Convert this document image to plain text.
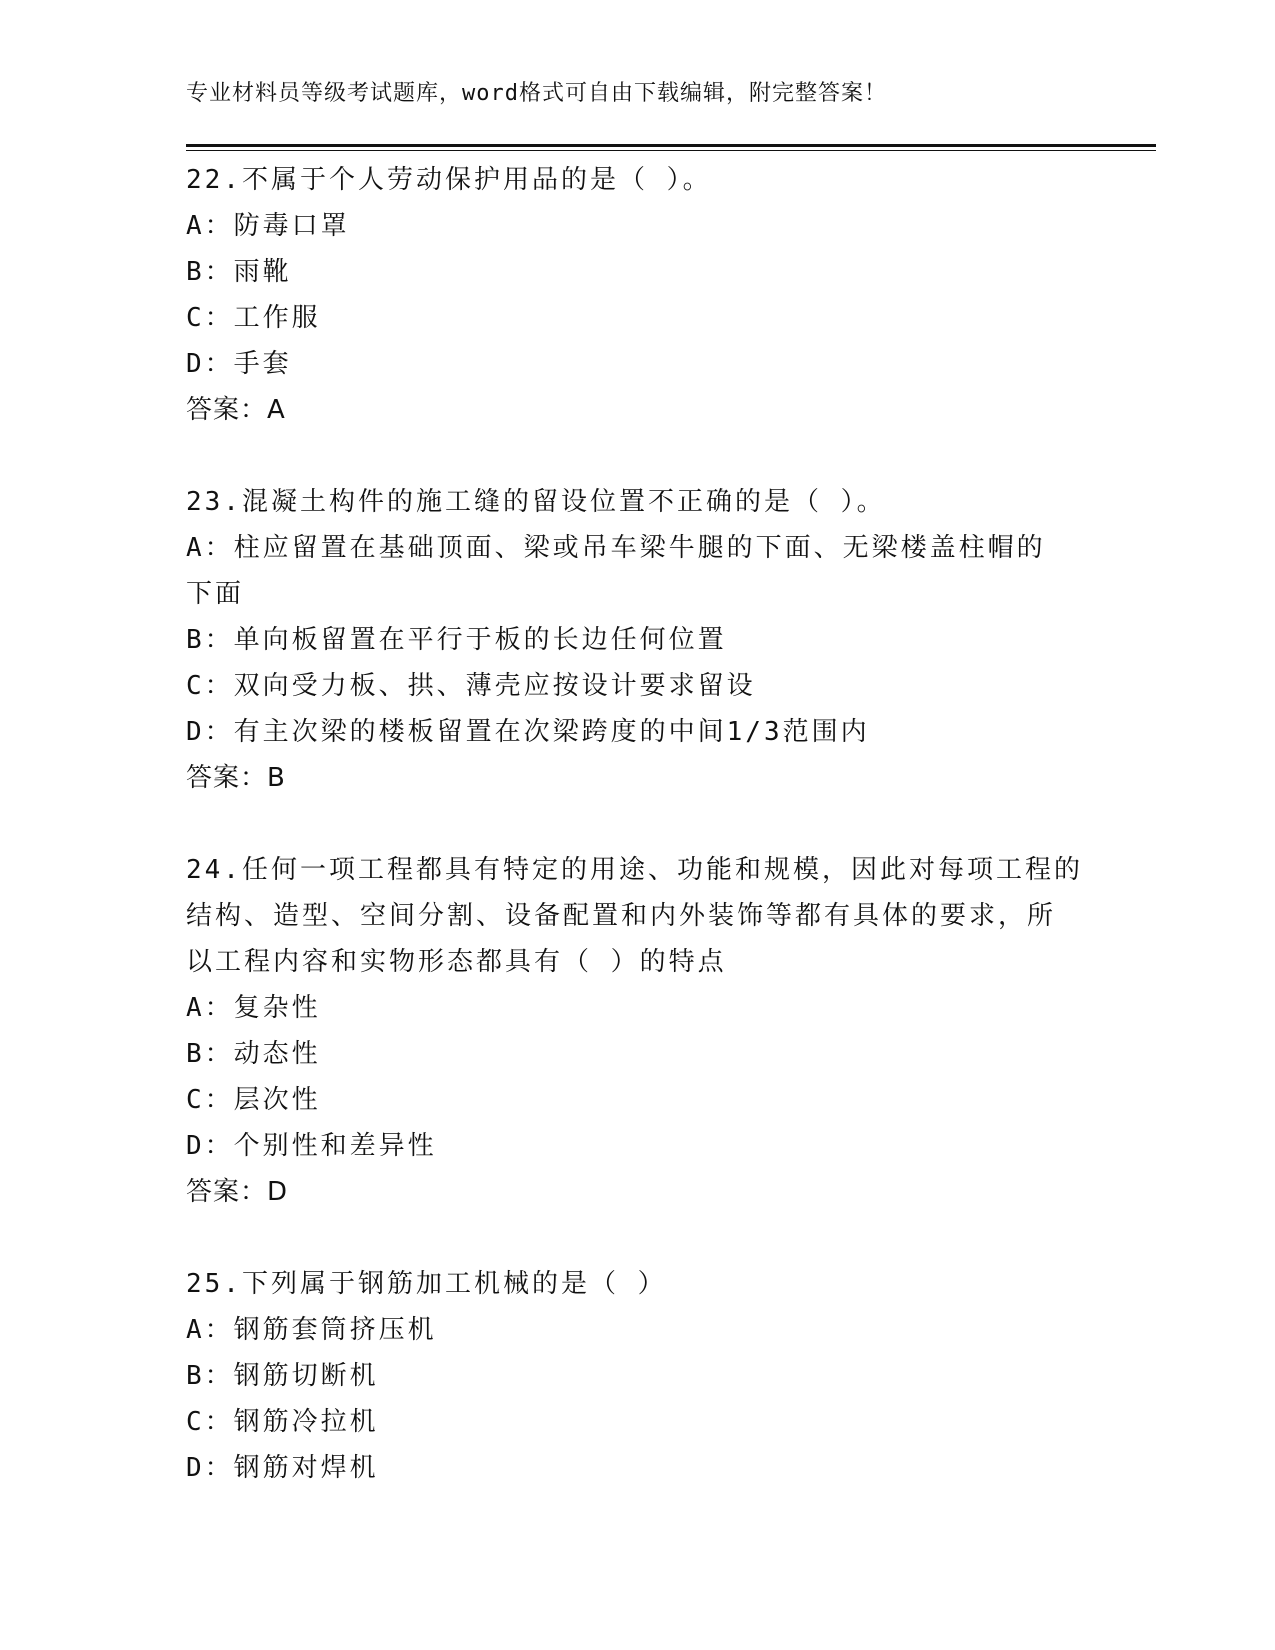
专业材料员等级考试题库，word格式可自由下载编辑，附完整答案！
22.不属于个人劳动保护用品的是（ ）。
A：防毒口罩
B：雨靴
C：工作服
D：手套
答案：A
23.混凝土构件的施工缝的留设位置不正确的是（ ）。
A：柱应留置在基础顶面、梁或吊车梁牛腿的下面、无梁楼盖柱帽的下面
B：单向板留置在平行于板的长边任何位置
C：双向受力板、拱、薄壳应按设计要求留设
D：有主次梁的楼板留置在次梁跨度的中间1/3范围内
答案：B
24.任何一项工程都具有特定的用途、功能和规模，因此对每项工程的
结构、造型、空间分割、设备配置和内外装饰等都有具体的要求，所
以工程内容和实物形态都具有（ ）的特点
A：复杂性
B：动态性
C：层次性
D：个别性和差异性
答案：D
25.下列属于钢筋加工机械的是（ ）
A：钢筋套筒挤压机
B：钢筋切断机
C：钢筋冷拉机
D：钢筋对焊机
